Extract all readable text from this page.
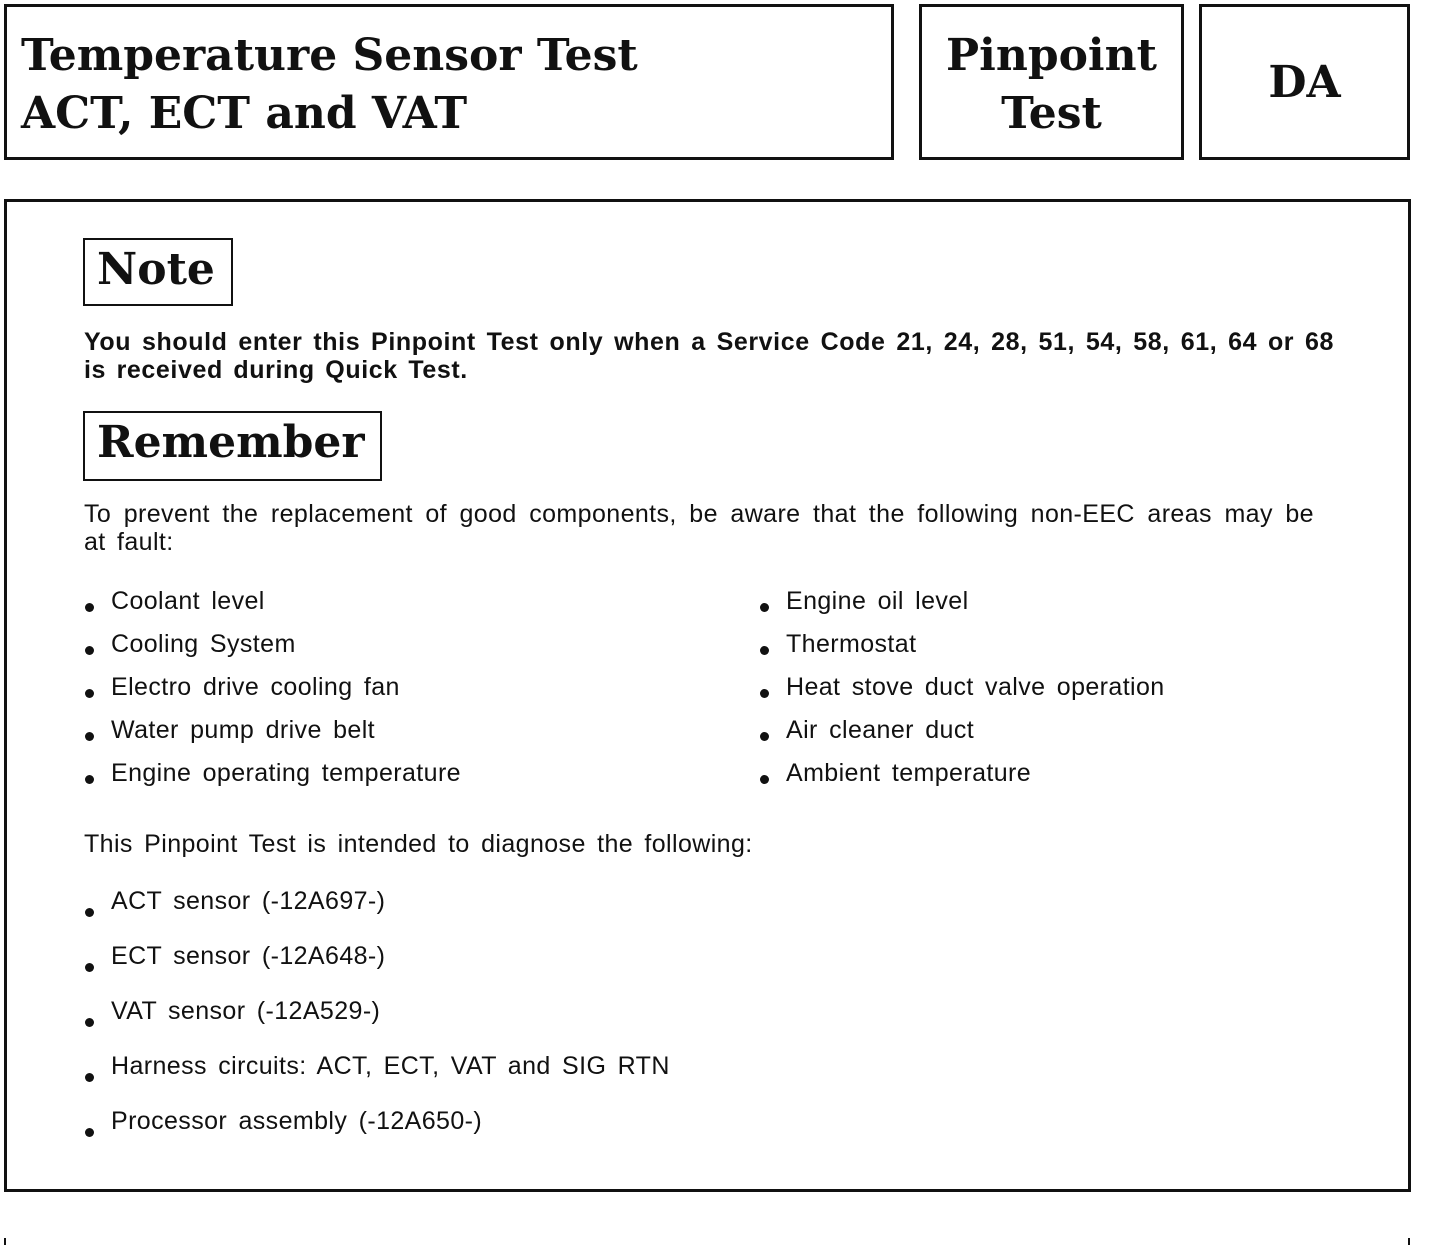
Temperature Sensor Test
ACT, ECT and VAT
Pinpoint
Test
DA
Note
You should enter this Pinpoint Test only when a Service Code 21, 24, 28, 51, 54, 58, 61, 64 or 68 is received during Quick Test.
Remember
To prevent the replacement of good components, be aware that the following non-EEC areas may be at fault:
Coolant level
Cooling System
Electro drive cooling fan
Water pump drive belt
Engine operating temperature
Engine oil level
Thermostat
Heat stove duct valve operation
Air cleaner duct
Ambient temperature
This Pinpoint Test is intended to diagnose the following:
ACT sensor (-12A697-)
ECT sensor (-12A648-)
VAT sensor (-12A529-)
Harness circuits: ACT, ECT, VAT and SIG RTN
Processor assembly (-12A650-)
